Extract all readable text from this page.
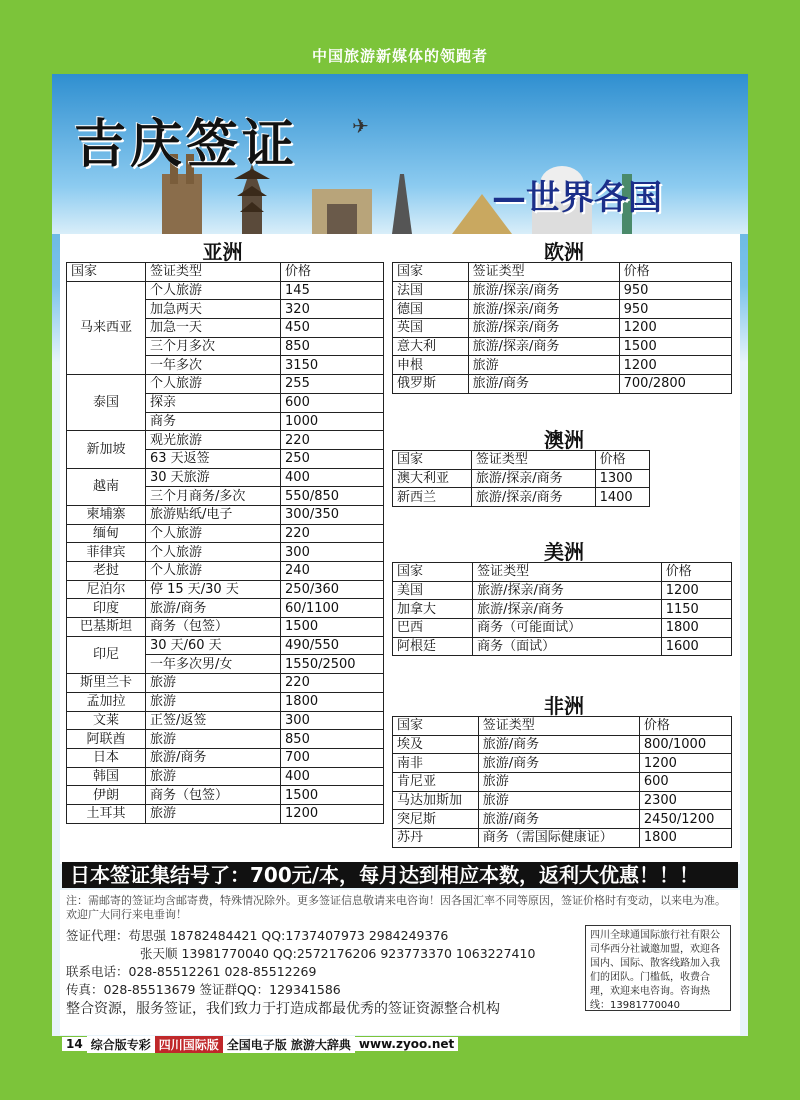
中国旅游新媒体的领跑者
✈
吉庆签证
—世界各国
亚洲
国家	签证类型	价格
马来西亚	个人旅游	145
	加急两天	320
	加急一天	450
	三个月多次	850
	一年多次	3150
泰国	个人旅游	255
	探亲	600
	商务	1000
新加坡	观光旅游	220
	63 天返签	250
越南	30 天旅游	400
	三个月商务/多次	550/850
柬埔寨	旅游贴纸/电子	300/350
缅甸	个人旅游	220
菲律宾	个人旅游	300
老挝	个人旅游	240
尼泊尔	停 15 天/30 天	250/360
印度	旅游/商务	60/1100
巴基斯坦	商务（包签）	1500
印尼	30 天/60 天	490/550
	一年多次男/女	1550/2500
斯里兰卡	旅游	220
孟加拉	旅游	1800
文莱	正签/返签	300
阿联酋	旅游	850
日本	旅游/商务	700
韩国	旅游	400
伊朗	商务（包签）	1500
土耳其	旅游	1200
欧洲
国家	签证类型	价格
法国	旅游/探亲/商务	950
德国	旅游/探亲/商务	950
英国	旅游/探亲/商务	1200
意大利	旅游/探亲/商务	1500
申根	旅游	1200
俄罗斯	旅游/商务	700/2800
澳洲
国家	签证类型	价格
澳大利亚	旅游/探亲/商务	1300
新西兰	旅游/探亲/商务	1400
美洲
国家	签证类型	价格
美国	旅游/探亲/商务	1200
加拿大	旅游/探亲/商务	1150
巴西	商务（可能面试）	1800
阿根廷	商务（面试）	1600
非洲
国家	签证类型	价格
埃及	旅游/商务	800/1000
南非	旅游/商务	1200
肯尼亚	旅游	600
马达加斯加	旅游	2300
突尼斯	旅游/商务	2450/1200
苏丹	商务（需国际健康证）	1800
日本签证集结号了：700元/本，每月达到相应本数，返利大优惠！！！
注：需邮寄的签证均含邮寄费，特殊情况除外。更多签证信息敬请来电咨询！因各国汇率不同等原因，签证价格时有变动，以来电为准。欢迎广大同行来电垂询！
签证代理：苟思强 18782484421 QQ:1737407973 2984249376
张天顺 13981770040 QQ:2572176206 923773370 1063227410
联系电话：028-85512261 028-85512269
传真：028-85513679 签证群QQ：129341586
整合资源，服务签证，我们致力于打造成都最优秀的签证资源整合机构
四川全球通国际旅行社有限公司华西分社诚邀加盟，欢迎各国内、国际、散客线路加入我们的团队。门槛低，收费合理，欢迎来电咨询。咨询热线：13981770040
14 综合版专彩 四川国际版 全国电子版 旅游大辞典 www.zyoo.net
